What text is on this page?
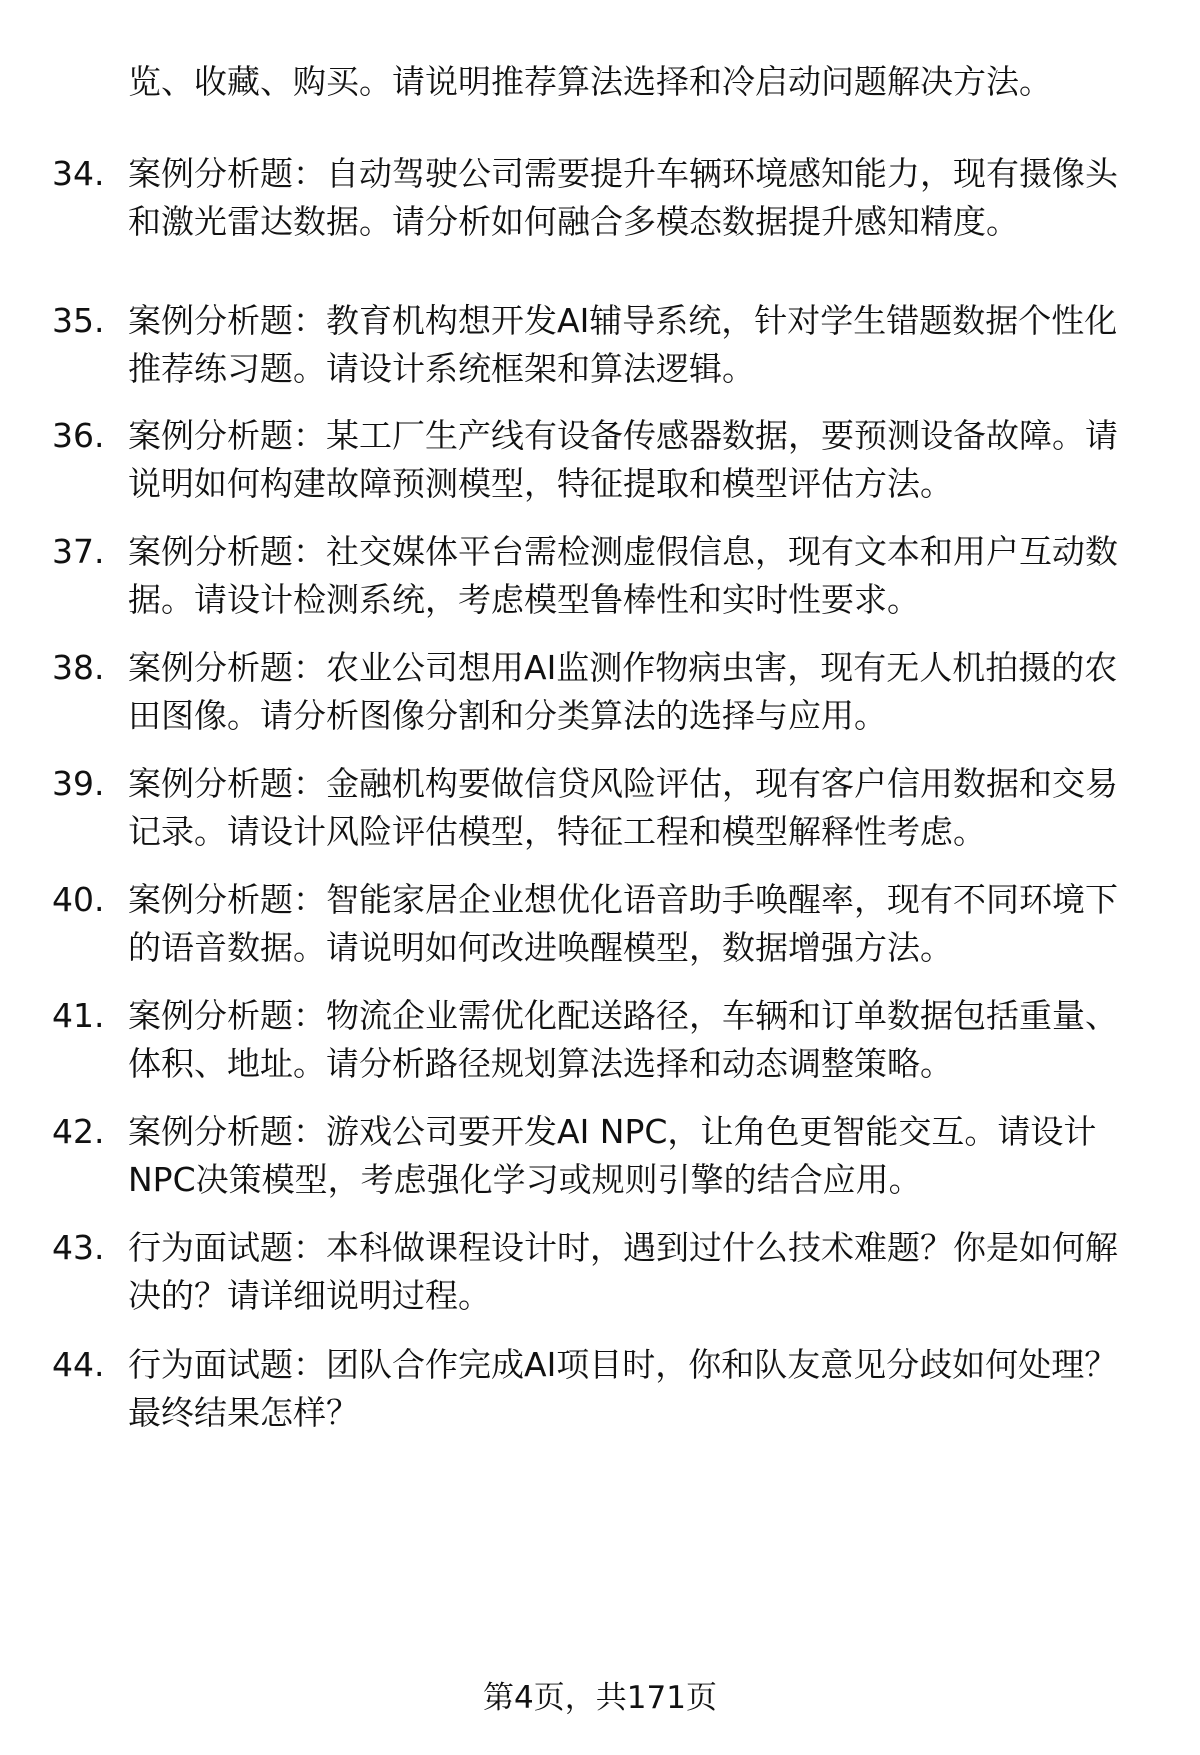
览、收藏、购买。请说明推荐算法选择和冷启动问题解决方法。

34. 案例分析题：自动驾驶公司需要提升车辆环境感知能力，现有摄像头和激光雷达数据。请分析如何融合多模态数据提升感知精度。

35. 案例分析题：教育机构想开发AI辅导系统，针对学生错题数据个性化推荐练习题。请设计系统框架和算法逻辑。

36. 案例分析题：某工厂生产线有设备传感器数据，要预测设备故障。请说明如何构建故障预测模型，特征提取和模型评估方法。

37. 案例分析题：社交媒体平台需检测虚假信息，现有文本和用户互动数据。请设计检测系统，考虑模型鲁棒性和实时性要求。

38. 案例分析题：农业公司想用AI监测作物病虫害，现有无人机拍摄的农田图像。请分析图像分割和分类算法的选择与应用。

39. 案例分析题：金融机构要做信贷风险评估，现有客户信用数据和交易记录。请设计风险评估模型，特征工程和模型解释性考虑。

40. 案例分析题：智能家居企业想优化语音助手唤醒率，现有不同环境下的语音数据。请说明如何改进唤醒模型，数据增强方法。

41. 案例分析题：物流企业需优化配送路径，车辆和订单数据包括重量、体积、地址。请分析路径规划算法选择和动态调整策略。

42. 案例分析题：游戏公司要开发AI NPC，让角色更智能交互。请设计NPC决策模型，考虑强化学习或规则引擎的结合应用。

43. 行为面试题：本科做课程设计时，遇到过什么技术难题？你是如何解决的？请详细说明过程。

44. 行为面试题：团队合作完成AI项目时，你和队友意见分歧如何处理？最终结果怎样？

第4页，共171页
